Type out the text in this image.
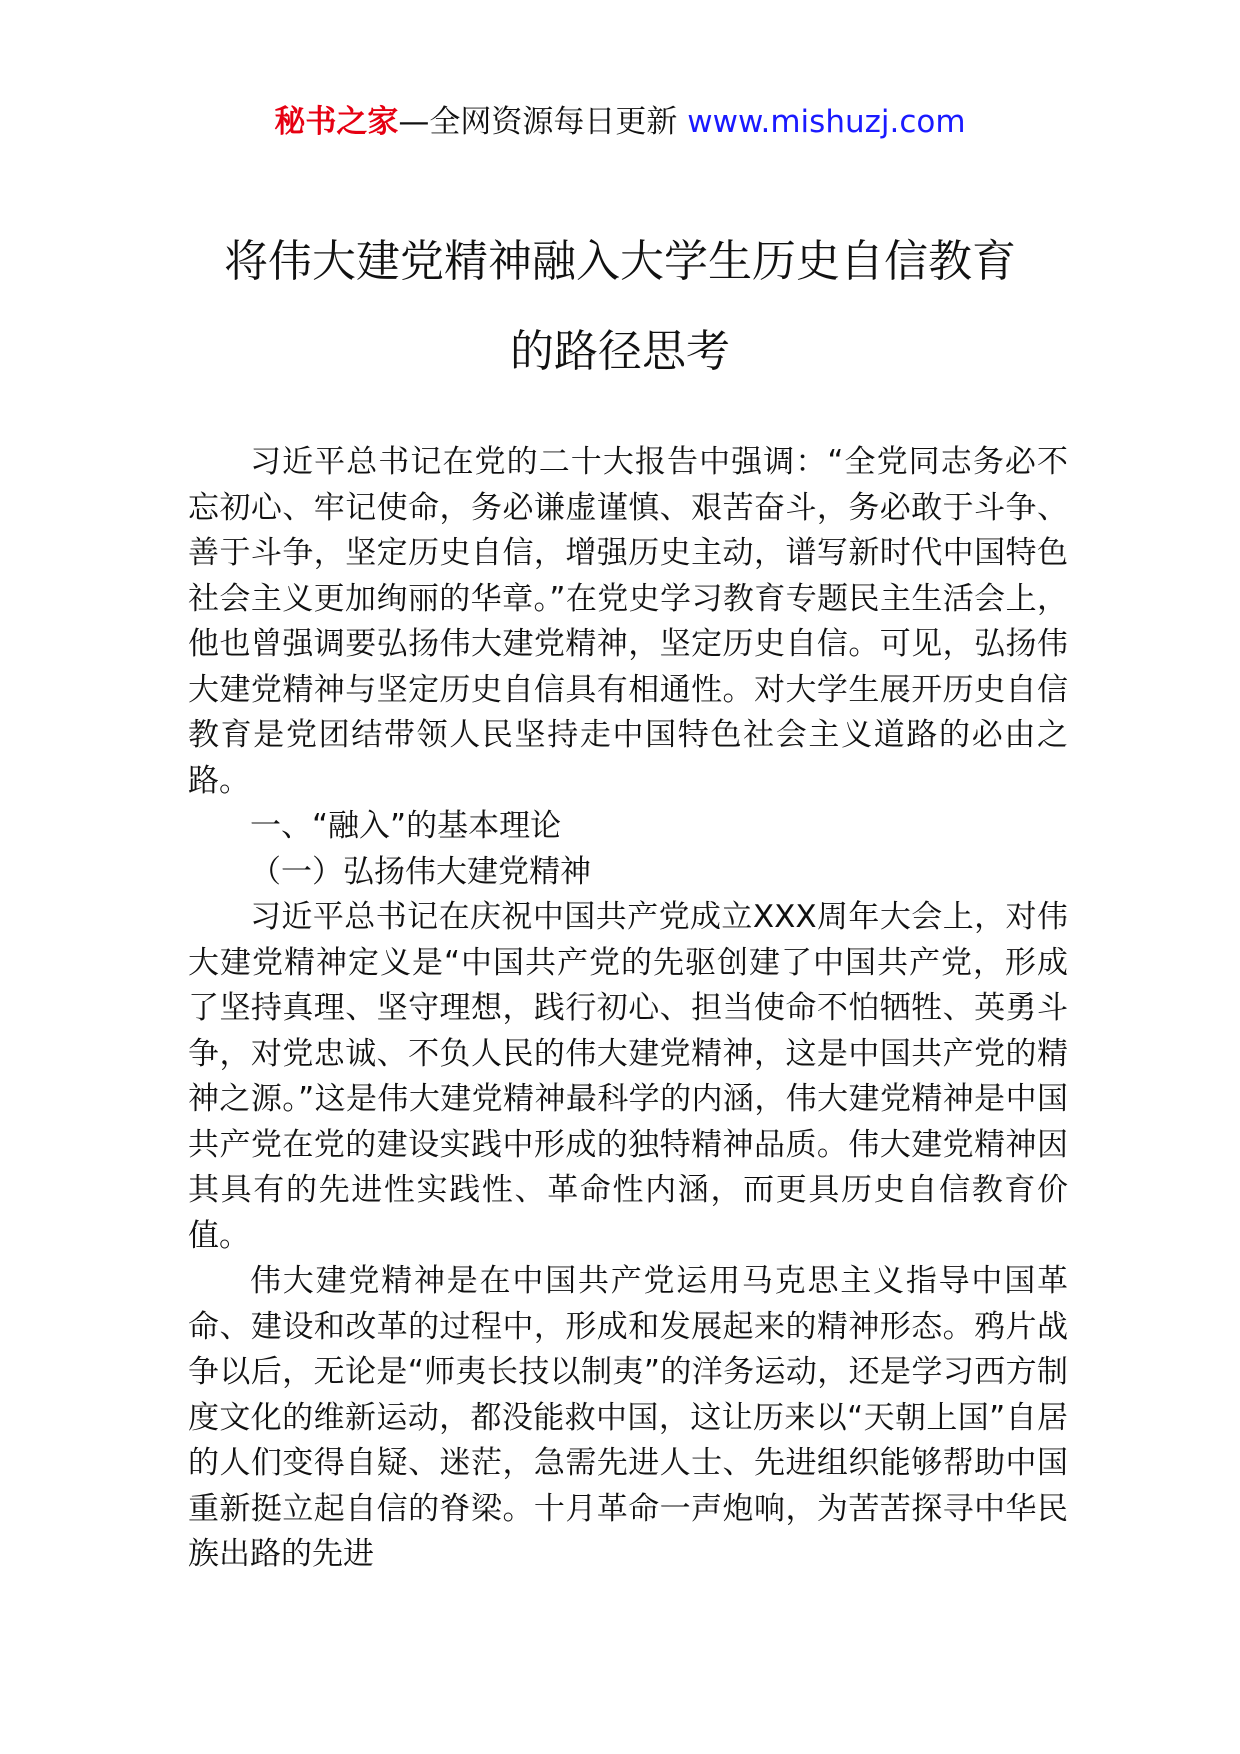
秘书之家—全网资源每日更新 www.mishuzj.com
将伟大建党精神融入大学生历史自信教育
的路径思考

习近平总书记在党的二十大报告中强调：“全党同志务必不忘初心、牢记使命，务必谦虚谨慎、艰苦奋斗，务必敢于斗争、善于斗争，坚定历史自信，增强历史主动，谱写新时代中国特色社会主义更加绚丽的华章。”在党史学习教育专题民主生活会上，他也曾强调要弘扬伟大建党精神，坚定历史自信。可见，弘扬伟大建党精神与坚定历史自信具有相通性。对大学生展开历史自信教育是党团结带领人民坚持走中国特色社会主义道路的必由之路。

一、“融入”的基本理论

（一）弘扬伟大建党精神

习近平总书记在庆祝中国共产党成立XXX周年大会上，对伟大建党精神定义是“中国共产党的先驱创建了中国共产党，形成了坚持真理、坚守理想，践行初心、担当使命不怕牺牲、英勇斗争，对党忠诚、不负人民的伟大建党精神，这是中国共产党的精神之源。”这是伟大建党精神最科学的内涵，伟大建党精神是中国共产党在党的建设实践中形成的独特精神品质。伟大建党精神因其具有的先进性实践性、革命性内涵，而更具历史自信教育价值。

伟大建党精神是在中国共产党运用马克思主义指导中国革命、建设和改革的过程中，形成和发展起来的精神形态。鸦片战争以后，无论是“师夷长技以制夷”的洋务运动，还是学习西方制度文化的维新运动，都没能救中国，这让历来以“天朝上国”自居的人们变得自疑、迷茫，急需先进人士、先进组织能够帮助中国重新挺立起自信的脊梁。十月革命一声炮响，为苦苦探寻中华民族出路的先进
